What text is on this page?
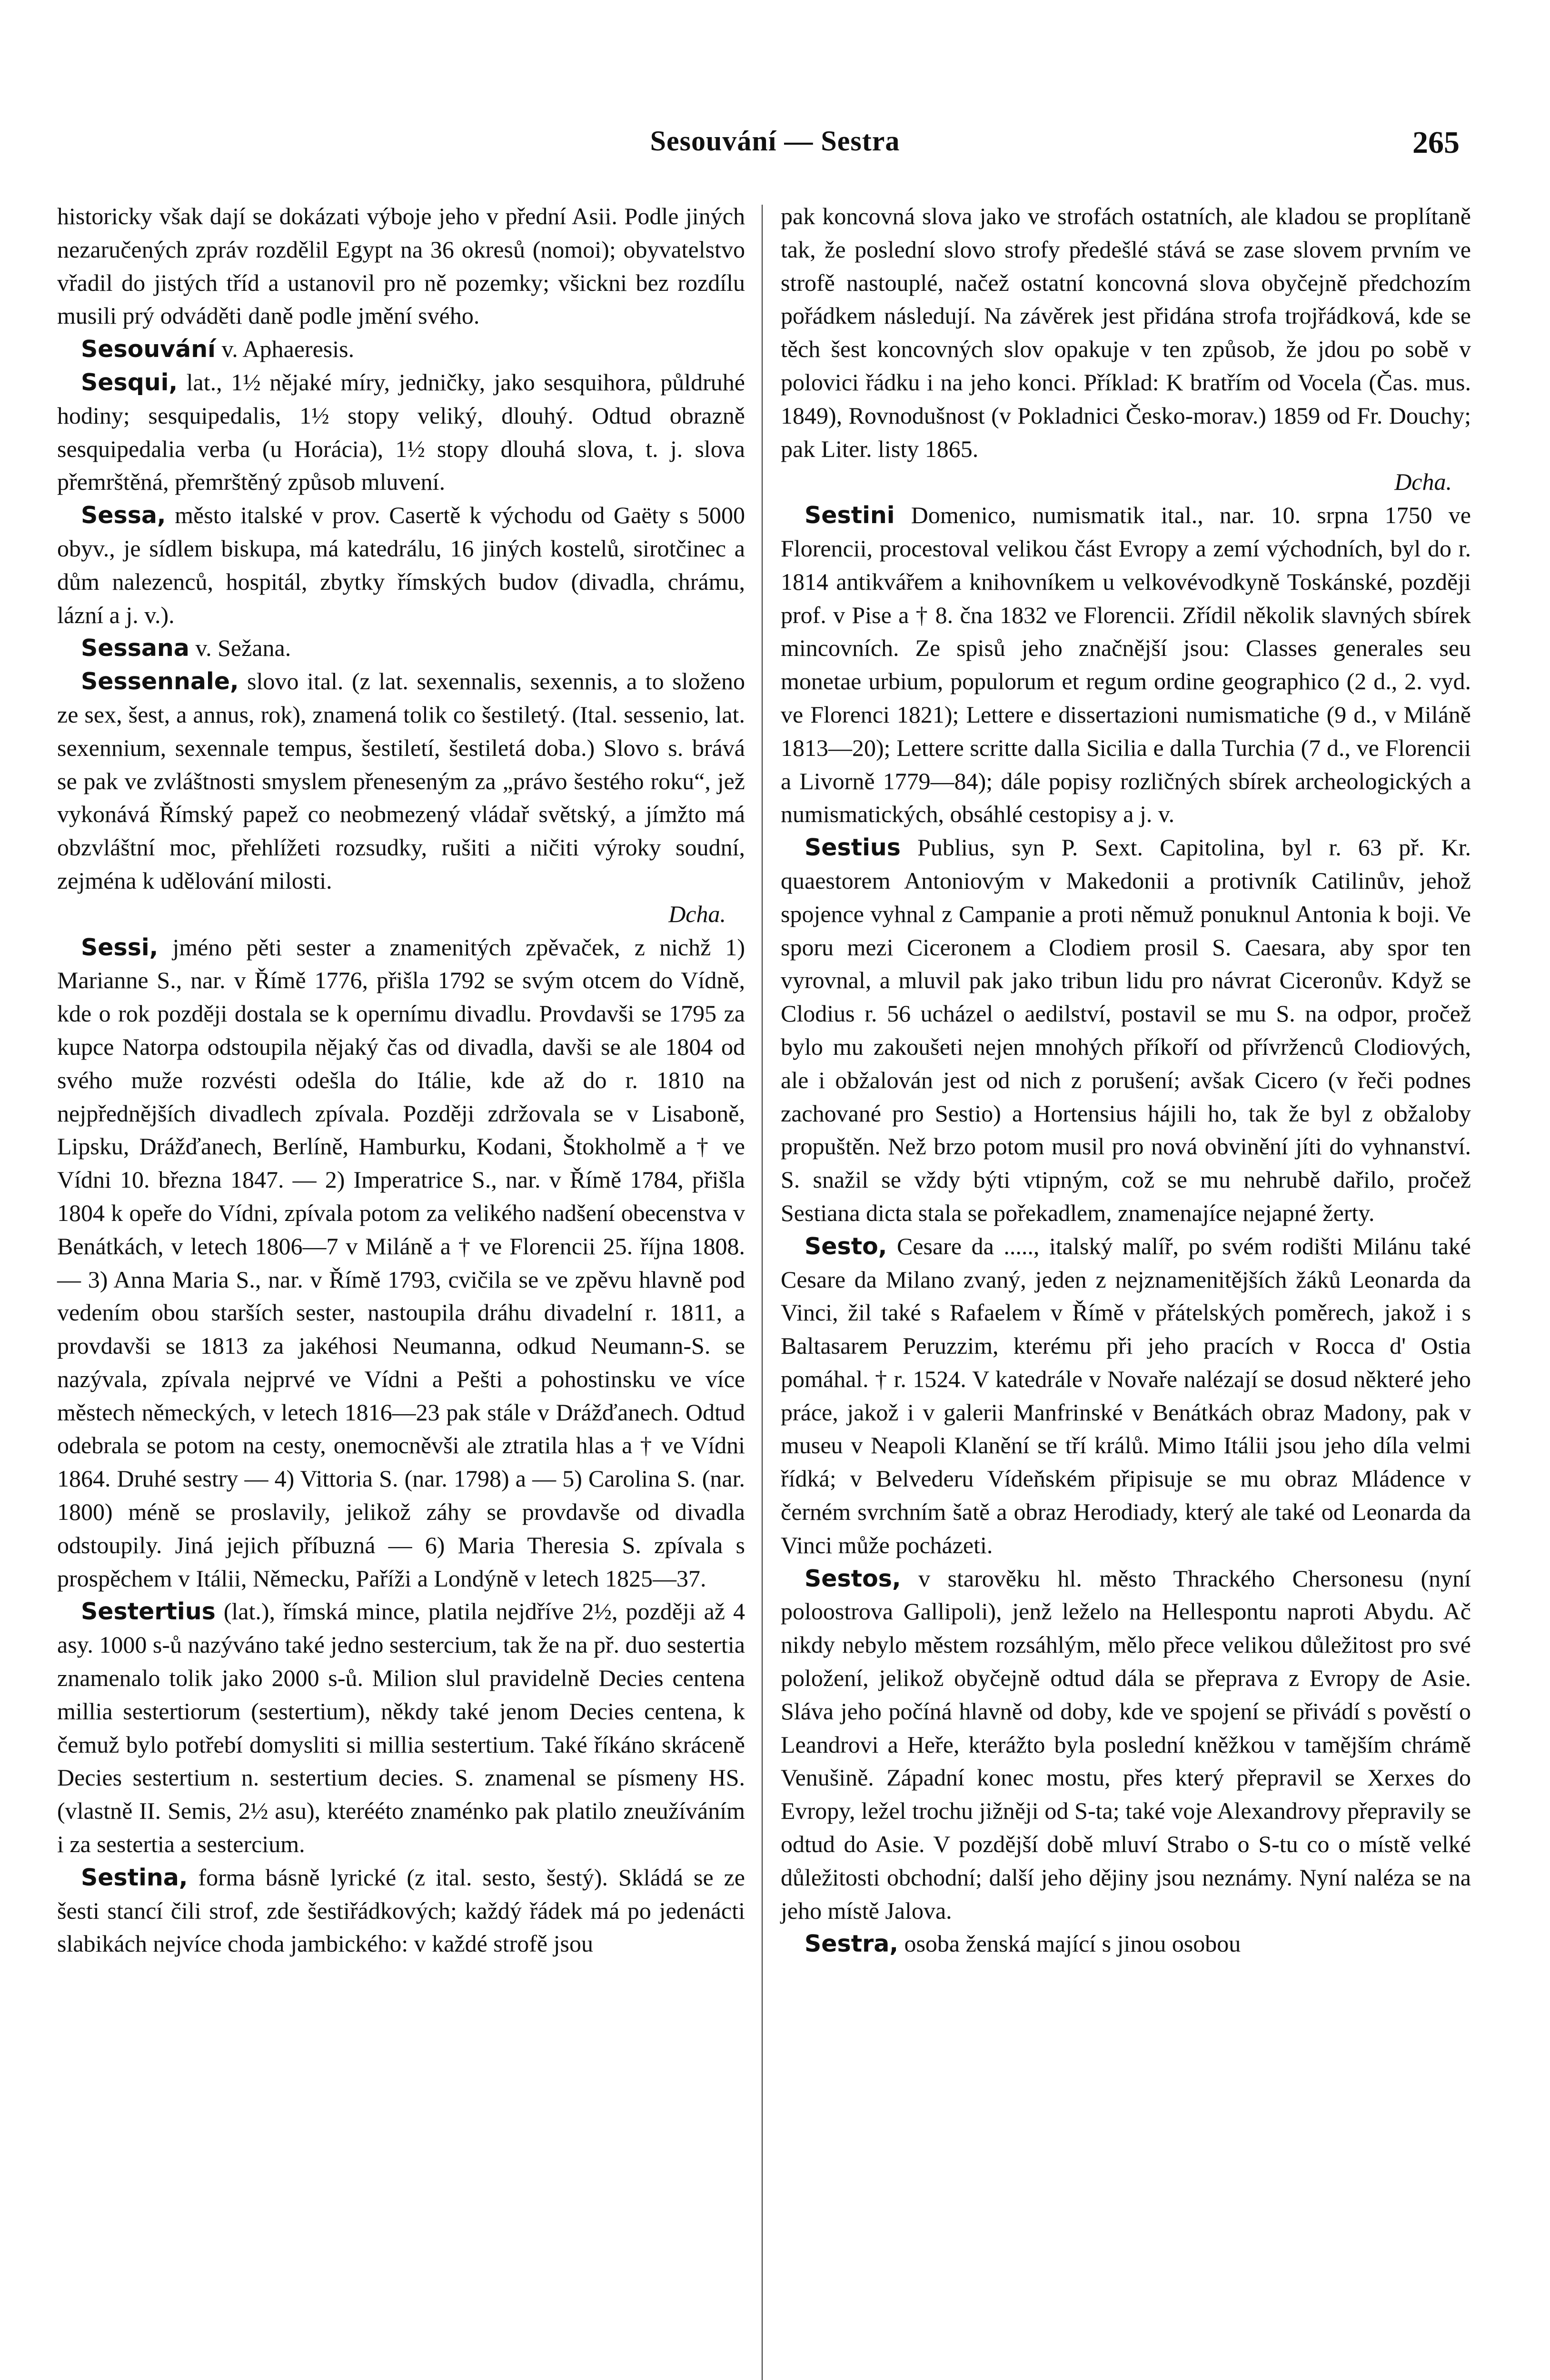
Sesouvání — Sestra	265

historicky však dají se dokázati výboje jeho v přední Asii. Podle jiných nezaručených zpráv rozdělil Egypt na 36 okresů (nomoi); obyvatelstvo vřadil do jistých tříd a ustanovil pro ně pozemky; všickni bez rozdílu musili prý odváděti daně podle jmění svého.

Sesouvání v. Aphaeresis.

Sesqui, lat., 1½ nějaké míry, jedničky, jako sesquihora, půldruhé hodiny; sesquipedalis, 1½ stopy veliký, dlouhý. Odtud obrazně sesquipedalia verba (u Horácia), 1½ stopy dlouhá slova, t. j. slova přemrštěná, přemrštěný způsob mluvení.

Sessa, město italské v prov. Casertě k východu od Gaëty s 5000 obyv., je sídlem biskupa, má katedrálu, 16 jiných kostelů, sirotčinec a dům nalezenců, hospitál, zbytky římských budov (divadla, chrámu, lázní a j. v.).

Sessana v. Sežana.

Sessennale, slovo ital. (z lat. sexennalis, sexennis, a to složeno ze sex, šest, a annus, rok), znamená tolik co šestiletý. (Ital. sessenio, lat. sexennium, sexennale tempus, šestiletí, šestiletá doba.) Slovo s. brává se pak ve zvláštnosti smyslem přeneseným za „právo šestého roku“, jež vykonává Římský papež co neobmezený vládař světský, a jímžto má obzvláštní moc, přehlížeti rozsudky, rušiti a ničiti výroky soudní, zejména k udělování milosti.
Dcha.

Sessi, jméno pěti sester a znamenitých zpěvaček, z nichž 1) Marianne S., nar. v Římě 1776, přišla 1792 se svým otcem do Vídně, kde o rok později dostala se k opernímu divadlu. Provdavši se 1795 za kupce Natorpa odstoupila nějaký čas od divadla, davši se ale 1804 od svého muže rozvésti odešla do Itálie, kde až do r. 1810 na nejpřednějších divadlech zpívala. Později zdržovala se v Lisaboně, Lipsku, Drážďanech, Berlíně, Hamburku, Kodani, Štokholmě a † ve Vídni 10. března 1847. — 2) Imperatrice S., nar. v Římě 1784, přišla 1804 k opeře do Vídni, zpívala potom za velikého nadšení obecenstva v Benátkách, v letech 1806—7 v Miláně a † ve Florencii 25. října 1808. — 3) Anna Maria S., nar. v Římě 1793, cvičila se ve zpěvu hlavně pod vedením obou starších sester, nastoupila dráhu divadelní r. 1811, a provdavši se 1813 za jakéhosi Neumanna, odkud Neumann-S. se nazývala, zpívala nejprvé ve Vídni a Pešti a pohostinsku ve více městech německých, v letech 1816—23 pak stále v Drážďanech. Odtud odebrala se potom na cesty, onemocněvši ale ztratila hlas a † ve Vídni 1864. Druhé sestry — 4) Vittoria S. (nar. 1798) a — 5) Carolina S. (nar. 1800) méně se proslavily, jelikož záhy se provdavše od divadla odstoupily. Jiná jejich příbuzná — 6) Maria Theresia S. zpívala s prospěchem v Itálii, Německu, Paříži a Londýně v letech 1825—37.

Sestertius (lat.), římská mince, platila nejdříve 2½, později až 4 asy. 1000 s-ů nazýváno také jedno sestercium, tak že na př. duo sestertia znamenalo tolik jako 2000 s-ů. Milion slul pravidelně Decies centena millia sestertiorum (sestertium), někdy také jenom Decies centena, k čemuž bylo potřebí domysliti si millia sestertium. Také říkáno skráceně Decies sestertium n. sestertium decies. S. znamenal se písmeny HS. (vlastně II. Semis, 2½ asu), kterééto znaménko pak platilo zneužíváním i za sestertia a sestercium.

Sestina, forma básně lyrické (z ital. sesto, šestý). Skládá se ze šesti stancí čili strof, zde šestiřádkových; každý řádek má po jedenácti slabikách nejvíce choda jambického: v každé strofě jsou

pak koncovná slova jako ve strofách ostatních, ale kladou se proplítaně tak, že poslední slovo strofy předešlé stává se zase slovem prvním ve strofě nastouplé, načež ostatní koncovná slova obyčejně předchozím pořádkem následují. Na závěrek jest přidána strofa trojřádková, kde se těch šest koncovných slov opakuje v ten způsob, že jdou po sobě v polovici řádku i na jeho konci. Příklad: K bratřím od Vocela (Čas. mus. 1849), Rovnodušnost (v Pokladnici Česko-morav.) 1859 od Fr. Douchy; pak Liter. listy 1865.
Dcha.

Sestini Domenico, numismatik ital., nar. 10. srpna 1750 ve Florencii, procestoval velikou část Evropy a zemí východních, byl do r. 1814 antikvářem a knihovníkem u velkovévodkyně Toskánské, později prof. v Pise a † 8. čna 1832 ve Florencii. Zřídil několik slavných sbírek mincovních. Ze spisů jeho značnější jsou: Classes generales seu monetae urbium, populorum et regum ordine geographico (2 d., 2. vyd. ve Florenci 1821); Lettere e dissertazioni numismatiche (9 d., v Miláně 1813—20); Lettere scritte dalla Sicilia e dalla Turchia (7 d., ve Florencii a Livorně 1779—84); dále popisy rozličných sbírek archeologických a numismatických, obsáhlé cestopisy a j. v.

Sestius Publius, syn P. Sext. Capitolina, byl r. 63 př. Kr. quaestorem Antoniovým v Makedonii a protivník Catilinův, jehož spojence vyhnal z Campanie a proti němuž ponuknul Antonia k boji. Ve sporu mezi Ciceronem a Clodiem prosil S. Caesara, aby spor ten vyrovnal, a mluvil pak jako tribun lidu pro návrat Ciceronův. Když se Clodius r. 56 ucházel o aedilství, postavil se mu S. na odpor, pročež bylo mu zakoušeti nejen mnohých příkoří od přívrženců Clodiových, ale i obžalován jest od nich z porušení; avšak Cicero (v řeči podnes zachované pro Sestio) a Hortensius hájili ho, tak že byl z obžaloby propuštěn. Než brzo potom musil pro nová obvinění jíti do vyhnanství. S. snažil se vždy býti vtipným, což se mu nehrubě dařilo, pročež Sestiana dicta stala se pořekadlem, znamenajíce nejapné žerty.

Sesto, Cesare da ....., italský malíř, po svém rodišti Milánu také Cesare da Milano zvaný, jeden z nejznamenitějších žáků Leonarda da Vinci, žil také s Rafaelem v Římě v přátelských poměrech, jakož i s Baltasarem Peruzzim, kterému při jeho pracích v Rocca d' Ostia pomáhal. † r. 1524. V katedrále v Novaře nalézají se dosud některé jeho práce, jakož i v galerii Manfrinské v Benátkách obraz Madony, pak v museu v Neapoli Klanění se tří králů. Mimo Itálii jsou jeho díla velmi řídká; v Belvederu Vídeňském připisuje se mu obraz Mládence v černém svrchním šatě a obraz Herodiady, který ale také od Leonarda da Vinci může pocházeti.

Sestos, v starověku hl. město Thrackého Chersonesu (nyní poloostrova Gallipoli), jenž leželo na Hellespontu naproti Abydu. Ač nikdy nebylo městem rozsáhlým, mělo přece velikou důležitost pro své položení, jelikož obyčejně odtud dála se přeprava z Evropy de Asie. Sláva jeho počíná hlavně od doby, kde ve spojení se přivádí s pověstí o Leandrovi a Heře, kterážto byla poslední kněžkou v tamějším chrámě Venušině. Západní konec mostu, přes který přepravil se Xerxes do Evropy, ležel trochu jižněji od S-ta; také voje Alexandrovy přepravily se odtud do Asie. V pozdější době mluví Strabo o S-tu co o místě velké důležitosti obchodní; další jeho dějiny jsou neznámy. Nyní naléza se na jeho místě Jalova.

Sestra, osoba ženská mající s jinou osobou
